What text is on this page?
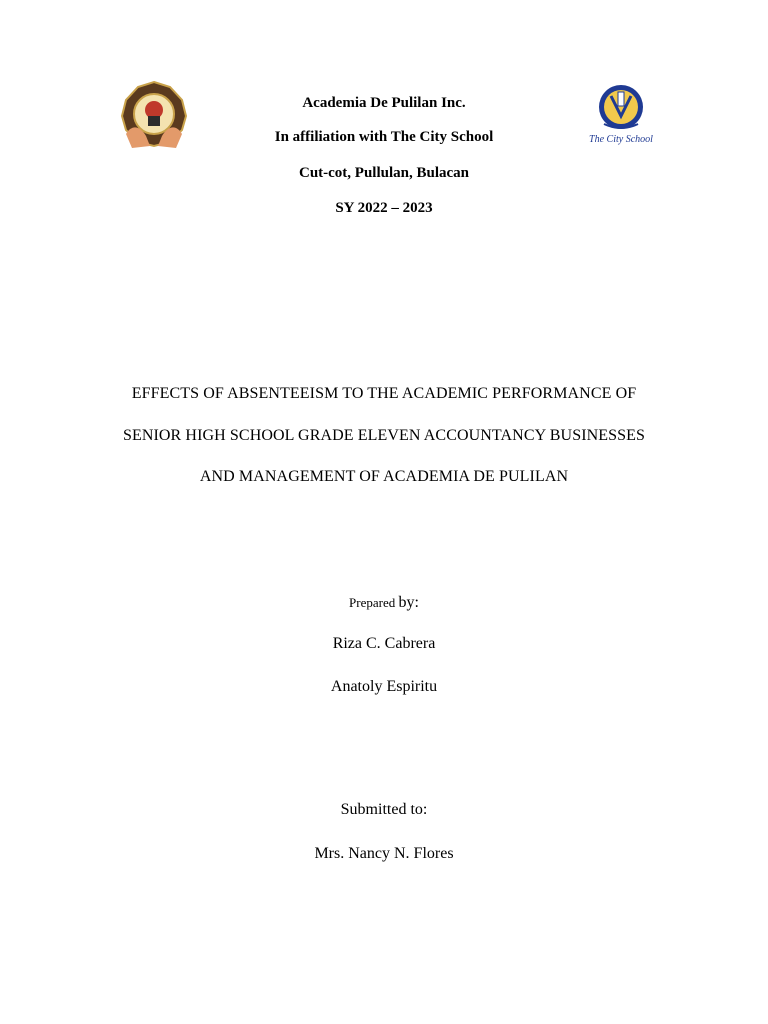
The City School
Academia De Pulilan Inc.
In affiliation with The City School
Cut-cot, Pullulan, Bulacan
SY 2022 – 2023
EFFECTS OF ABSENTEEISM TO THE ACADEMIC PERFORMANCE OF
SENIOR HIGH SCHOOL GRADE ELEVEN ACCOUNTANCY BUSINESSES
AND MANAGEMENT OF ACADEMIA DE PULILAN
Prepared by:
Riza C. Cabrera
Anatoly Espiritu
Submitted to:
Mrs. Nancy N. Flores
